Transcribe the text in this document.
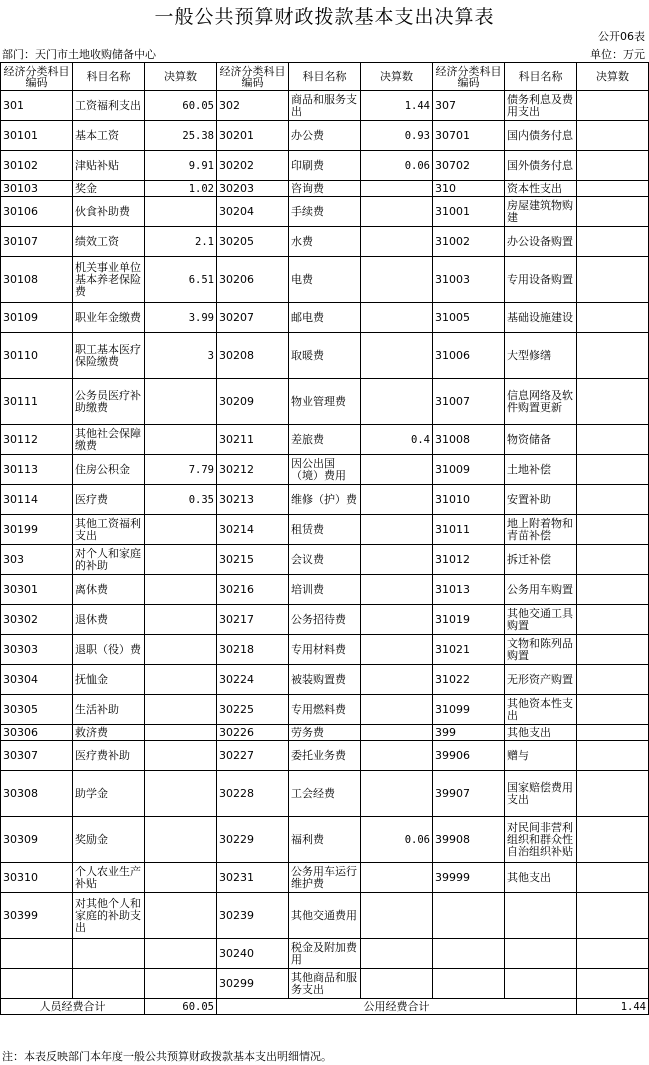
一般公共预算财政拨款基本支出决算表
公开06表
部门：天门市土地收购储备中心	单位：万元
经济分类科目编码	科目名称	决算数	经济分类科目编码	科目名称	决算数	经济分类科目编码	科目名称	决算数
301	工资福利支出	60.05	302	商品和服务支出	1.44	307	债务利息及费用支出	
30101	基本工资	25.38	30201	办公费	0.93	30701	国内债务付息	
30102	津贴补贴	9.91	30202	印刷费	0.06	30702	国外债务付息	
30103	奖金	1.02	30203	咨询费		310	资本性支出	
30106	伙食补助费		30204	手续费		31001	房屋建筑物购建	
30107	绩效工资	2.1	30205	水费		31002	办公设备购置	
30108	机关事业单位基本养老保险费	6.51	30206	电费		31003	专用设备购置	
30109	职业年金缴费	3.99	30207	邮电费		31005	基础设施建设	
30110	职工基本医疗保险缴费	3	30208	取暖费		31006	大型修缮	
30111	公务员医疗补助缴费		30209	物业管理费		31007	信息网络及软件购置更新	
30112	其他社会保障缴费		30211	差旅费	0.4	31008	物资储备	
30113	住房公积金	7.79	30212	因公出国（境）费用		31009	土地补偿	
30114	医疗费	0.35	30213	维修（护）费		31010	安置补助	
30199	其他工资福利支出		30214	租赁费		31011	地上附着物和青苗补偿	
303	对个人和家庭的补助		30215	会议费		31012	拆迁补偿	
30301	离休费		30216	培训费		31013	公务用车购置	
30302	退休费		30217	公务招待费		31019	其他交通工具购置	
30303	退职（役）费		30218	专用材料费		31021	文物和陈列品购置	
30304	抚恤金		30224	被装购置费		31022	无形资产购置	
30305	生活补助		30225	专用燃料费		31099	其他资本性支出	
30306	救济费		30226	劳务费		399	其他支出	
30307	医疗费补助		30227	委托业务费		39906	赠与	
30308	助学金		30228	工会经费		39907	国家赔偿费用支出	
30309	奖励金		30229	福利费	0.06	39908	对民间非营利组织和群众性自治组织补贴	
30310	个人农业生产补贴		30231	公务用车运行维护费		39999	其他支出	
30399	对其他个人和家庭的补助支出		30239	其他交通费用				
			30240	税金及附加费用				
			30299	其他商品和服务支出				
人员经费合计		60.05	公用经费合计					1.44
注：本表反映部门本年度一般公共预算财政拨款基本支出明细情况。
